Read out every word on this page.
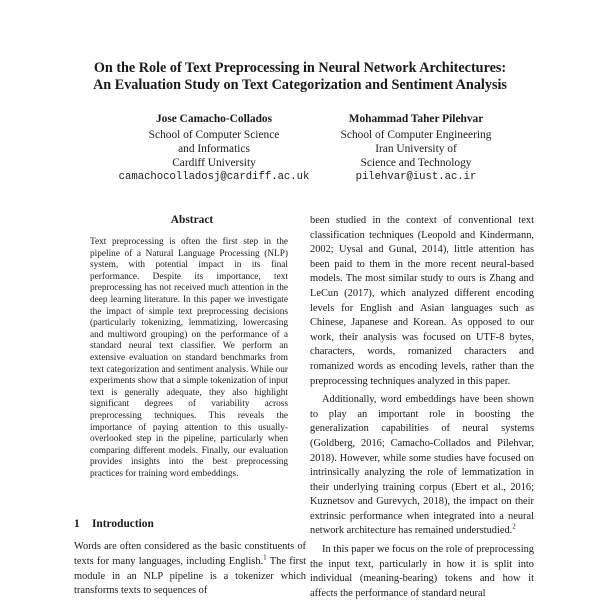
On the Role of Text Preprocessing in Neural Network Architectures:
An Evaluation Study on Text Categorization and Sentiment Analysis
Jose Camacho-Collados
School of Computer Science
and Informatics
Cardiff University
camachocolladosj@cardiff.ac.uk
Mohammad Taher Pilehvar
School of Computer Engineering
Iran University of
Science and Technology
pilehvar@iust.ac.ir
Abstract

Text preprocessing is often the first step in the pipeline of a Natural Language Processing (NLP) system, with potential impact in its final performance. Despite its importance, text preprocessing has not received much attention in the deep learning literature. In this paper we investigate the impact of simple text preprocessing decisions (particularly tokenizing, lemmatizing, lowercasing and multiword grouping) on the performance of a standard neural text classifier. We perform an extensive evaluation on standard benchmarks from text categorization and sentiment analysis. While our experiments show that a simple tokenization of input text is generally adequate, they also highlight significant degrees of variability across preprocessing techniques. This reveals the importance of paying attention to this usually-overlooked step in the pipeline, particularly when comparing different models. Finally, our evaluation provides insights into the best preprocessing practices for training word embeddings.

1 Introduction

Words are often considered as the basic constituents of texts for many languages, including English.$^1$ The first module in an NLP pipeline is a tokenizer which transforms texts to sequences of

been studied in the context of conventional text classification techniques (Leopold and Kindermann, 2002; Uysal and Gunal, 2014), little attention has been paid to them in the more recent neural-based models. The most similar study to ours is Zhang and LeCun (2017), which analyzed different encoding levels for English and Asian languages such as Chinese, Japanese and Korean. As opposed to our work, their analysis was focused on UTF-8 bytes, characters, words, romanized characters and romanized words as encoding levels, rather than the preprocessing techniques analyzed in this paper.

Additionally, word embeddings have been shown to play an important role in boosting the generalization capabilities of neural systems (Goldberg, 2016; Camacho-Collados and Pilehvar, 2018). However, while some studies have focused on intrinsically analyzing the role of lemmatization in their underlying training corpus (Ebert et al., 2016; Kuznetsov and Gurevych, 2018), the impact on their extrinsic performance when integrated into a neural network architecture has remained understudied.$^2$

In this paper we focus on the role of preprocessing the input text, particularly in how it is split into individual (meaning-bearing) tokens and how it affects the performance of standard neural
